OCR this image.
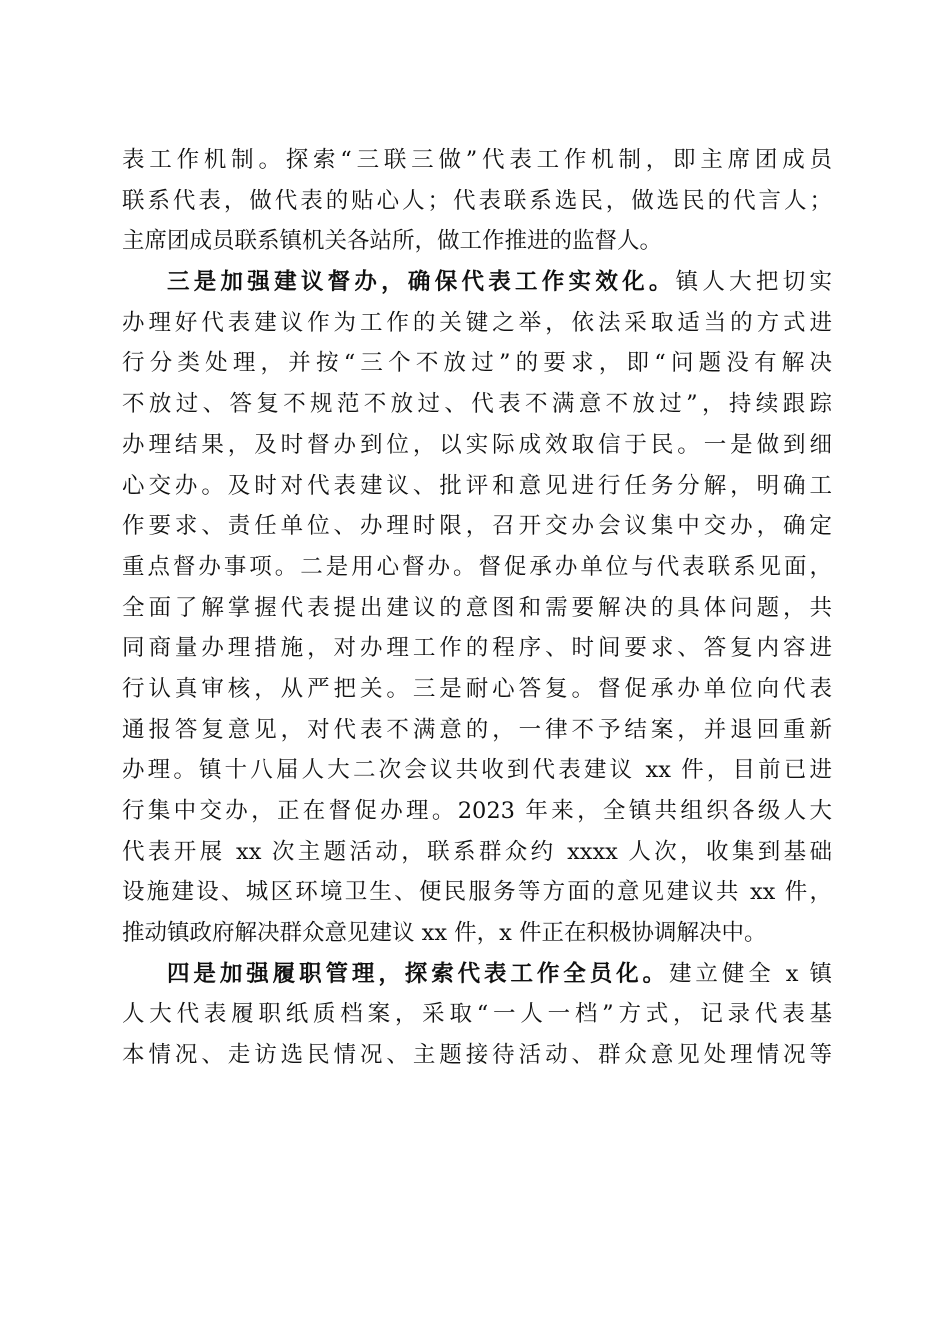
表工作机制。探索“三联三做”代表工作机制，即主席团成员
联系代表，做代表的贴心人；代表联系选民，做选民的代言人；
主席团成员联系镇机关各站所，做工作推进的监督人。
三是加强建议督办，确保代表工作实效化。镇人大把切实
办理好代表建议作为工作的关键之举，依法采取适当的方式进
行分类处理，并按“三个不放过”的要求，即“问题没有解决
不放过、答复不规范不放过、代表不满意不放过”，持续跟踪
办理结果，及时督办到位，以实际成效取信于民。一是做到细
心交办。及时对代表建议、批评和意见进行任务分解，明确工
作要求、责任单位、办理时限，召开交办会议集中交办，确定
重点督办事项。二是用心督办。督促承办单位与代表联系见面，
全面了解掌握代表提出建议的意图和需要解决的具体问题，共
同商量办理措施，对办理工作的程序、时间要求、答复内容进
行认真审核，从严把关。三是耐心答复。督促承办单位向代表
通报答复意见，对代表不满意的，一律不予结案，并退回重新
办理。镇十八届人大二次会议共收到代表建议 xx 件，目前已进
行集中交办，正在督促办理。2023 年来，全镇共组织各级人大
代表开展 xx 次主题活动，联系群众约 xxxx 人次，收集到基础
设施建设、城区环境卫生、便民服务等方面的意见建议共 xx 件，
推动镇政府解决群众意见建议 xx 件，x 件正在积极协调解决中。
四是加强履职管理，探索代表工作全员化。建立健全 x 镇
人大代表履职纸质档案，采取“一人一档”方式，记录代表基
本情况、走访选民情况、主题接待活动、群众意见处理情况等
